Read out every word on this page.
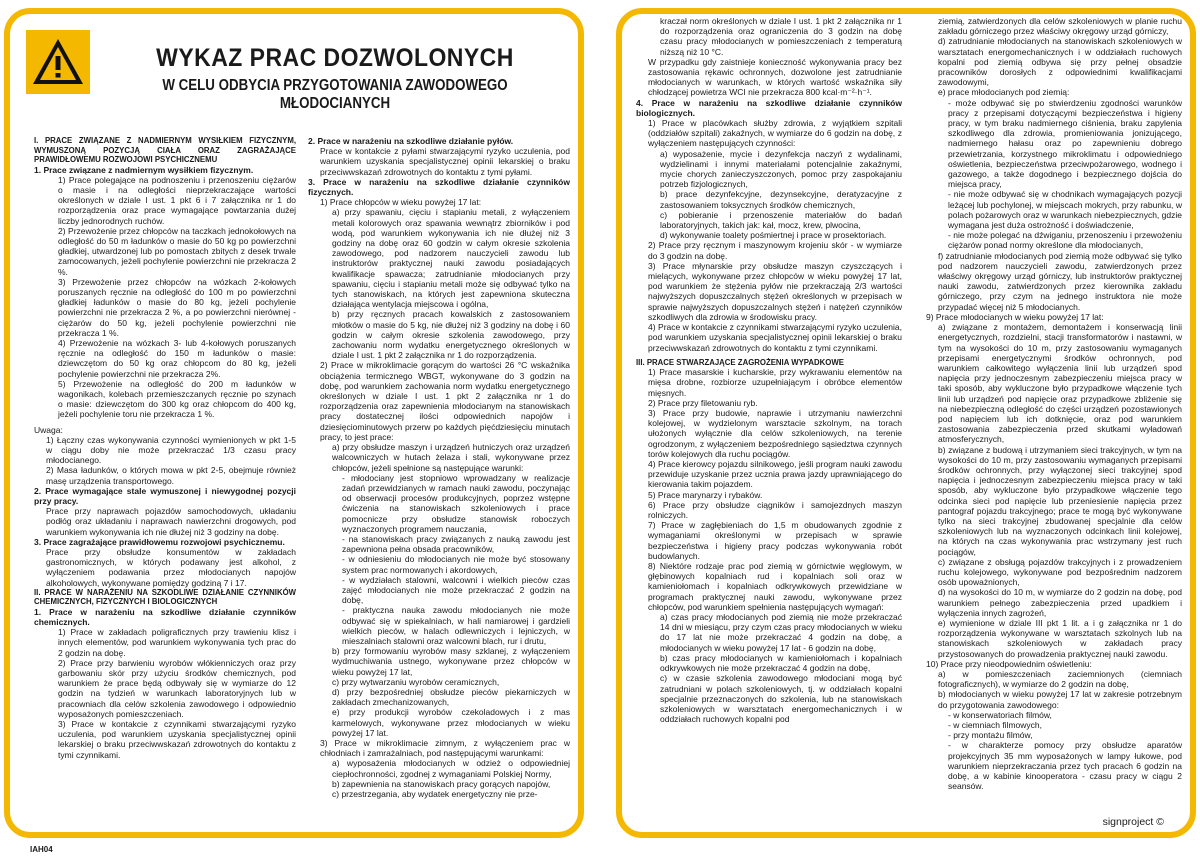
WYKAZ PRAC DOZWOLONYCH
W CELU ODBYCIA PRZYGOTOWANIA ZAWODOWEGO MŁODOCIANYCH

I. PRACE ZWIĄZANE Z NADMIERNYM WYSIŁKIEM FIZYCZNYM, WYMUSZONĄ POZYCJĄ CIAŁA ORAZ ZAGRAŻAJĄCE PRAWIDŁOWEMU ROZWOJOWI PSYCHICZNEMU

1. Prace związane z nadmiernym wysiłkiem fizycznym.

1) Prace polegające na podnoszeniu i przenoszeniu ciężarów o masie i na odległości nieprzekraczające wartości określonych w dziale I ust. 1 pkt 6 i 7 załącznika nr 1 do rozporządzenia oraz prace wymagające powtarzania dużej liczby jednorodnych ruchów.

2) Przewożenie przez chłopców na taczkach jednokołowych na odległość do 50 m ładunków o masie do 50 kg po powierzchni gładkiej, utwardzonej lub po pomostach zbitych z desek trwale zamocowanych, jeżeli pochylenie powierzchni nie przekracza 2 %.

3) Przewożenie przez chłopców na wózkach 2-kołowych poruszanych ręcznie na odległość do 100 m po powierzchni gładkiej ładunków o masie do 80 kg, jeżeli pochylenie powierzchni nie przekracza 2 %, a po powierzchni nierównej - ciężarów do 50 kg, jeżeli pochylenie powierzchni nie przekracza 1 %.

4) Przewożenie na wózkach 3- lub 4-kołowych poruszanych ręcznie na odległość do 150 m ładunków o masie: dziewczętom do 50 kg oraz chłopcom do 80 kg, jeżeli pochylenie powierzchni nie przekracza 2%.

5) Przewożenie na odległość do 200 m ładunków w wagonikach, kolebach przemieszczanych ręcznie po szynach o masie: dziewczętom do 300 kg oraz chłopcom do 400 kg, jeżeli pochylenie toru nie przekracza 1 %.

Uwaga:

1) Łączny czas wykonywania czynności wymienionych w pkt 1-5 w ciągu doby nie może przekraczać 1/3 czasu pracy młodocianego.

2) Masa ładunków, o których mowa w pkt 2-5, obejmuje również masę urządzenia transportowego.

2. Prace wymagające stale wymuszonej i niewygodnej pozycji przy pracy.

Prace przy naprawach pojazdów samochodowych, układaniu podłóg oraz układaniu i naprawach nawierzchni drogowych, pod warunkiem wykonywania ich nie dłużej niż 3 godziny na dobę.

3. Prace zagrażające prawidłowemu rozwojowi psychicznemu.

Prace przy obsłudze konsumentów w zakładach gastronomicznych, w których podawany jest alkohol, z wyłączeniem podawania przez młodocianych napojów alkoholowych, wykonywane pomiędzy godziną 7 i 17.

II. PRACE W NARAŻENIU NA SZKODLIWE DZIAŁANIE CZYNNIKÓW CHEMICZNYCH, FIZYCZNYCH I BIOLOGICZNYCH

1. Prace w narażeniu na szkodliwe działanie czynników chemicznych.

1) Prace w zakładach poligraficznych przy trawieniu klisz i innych elementów, pod warunkiem wykonywania tych prac do 2 godzin na dobę.

2) Prace przy barwieniu wyrobów włókienniczych oraz przy garbowaniu skór przy użyciu środków chemicznych, pod warunkiem że prace będą odbywały się w wymiarze do 12 godzin na tydzień w warunkach laboratoryjnych lub w pracowniach dla celów szkolenia zawodowego i odpowiednio wyposażonych pomieszczeniach.

3) Prace w kontakcie z czynnikami stwarzającymi ryzyko uczulenia, pod warunkiem uzyskania specjalistycznej opinii lekarskiej o braku przeciwwskazań zdrowotnych do kontaktu z tymi czynnikami.

2. Prace w narażeniu na szkodliwe działanie pyłów.

Prace w kontakcie z pyłami stwarzającymi ryzyko uczulenia, pod warunkiem uzyskania specjalistycznej opinii lekarskiej o braku przeciwwskazań zdrowotnych do kontaktu z tymi pyłami.

3. Prace w narażeniu na szkodliwe działanie czynników fizycznych.

1) Prace chłopców w wieku powyżej 17 lat:

a) przy spawaniu, cięciu i stapianiu metali, z wyłączeniem metali kolorowych oraz spawania wewnątrz zbiorników i pod wodą, pod warunkiem wykonywania ich nie dłużej niż 3 godziny na dobę oraz 60 godzin w całym okresie szkolenia zawodowego, pod nadzorem nauczycieli zawodu lub instruktorów praktycznej nauki zawodu posiadających kwalifikacje spawacza; zatrudnianie młodocianych przy spawaniu, cięciu i stapianiu metali może się odbywać tylko na tych stanowiskach, na których jest zapewniona skuteczna działająca wentylacja miejscowa i ogólna,

b) przy ręcznych pracach kowalskich z zastosowaniem młotków o masie do 5 kg, nie dłużej niż 3 godziny na dobę i 60 godzin w całym okresie szkolenia zawodowego, przy zachowaniu norm wydatku energetycznego określonych w dziale I ust. 1 pkt 2 załącznika nr 1 do rozporządzenia.

2) Prace w mikroklimacie gorącym do wartości 26 °C wskaźnika obciążenia termicznego WBGT, wykonywane do 3 godzin na dobę, pod warunkiem zachowania norm wydatku energetycznego określonych w dziale I ust. 1 pkt 2 załącznika nr 1 do rozporządzenia oraz zapewnienia młodocianym na stanowiskach pracy dostatecznej ilości odpowiednich napojów i dziesięciominutowych przerw po każdych pięćdziesięciu minutach pracy, to jest prace:

a) przy obsłudze maszyn i urządzeń hutniczych oraz urządzeń walcowniczych w hutach żelaza i stali, wykonywane przez chłopców, jeżeli spełnione są następujące warunki:

- młodociany jest stopniowo wprowadzany w realizacje zadań przewidzianych w ramach nauki zawodu, poczynając od obserwacji procesów produkcyjnych, poprzez wstępne ćwiczenia na stanowiskach szkoleniowych i prace pomocnicze przy obsłudze stanowisk roboczych wyznaczonych programem nauczania,

- na stanowiskach pracy związanych z nauką zawodu jest zapewniona pełna obsada pracowników,

- w odniesieniu do młodocianych nie może być stosowany system prac normowanych i akordowych,

- w wydziałach stalowni, walcowni i wielkich pieców czas zajęć młodocianych nie może przekraczać 2 godzin na dobę,

- praktyczna nauka zawodu młodocianych nie może odbywać się w spiekalniach, w hali namiarowej i gardzieli wielkich pieców, w halach odlewniczych i lejniczych, w mieszalniach stalowni oraz walcowni blach, rur i drutu,

b) przy formowaniu wyrobów masy szklanej, z wyłączeniem wydmuchiwania ustnego, wykonywane przez chłopców w wieku powyżej 17 lat,

c) przy wytwarzaniu wyrobów ceramicznych,

d) przy bezpośredniej obsłudze pieców piekarniczych w zakładach zmechanizowanych,

e) przy produkcji wyrobów czekoladowych i z mas karmelowych, wykonywane przez młodocianych w wieku powyżej 17 lat.

3) Prace w mikroklimacie zimnym, z wyłączeniem prac w chłodniach i zamrażalniach, pod następującymi warunkami:

a) wyposażenia młodocianych w odzież o odpowiedniej ciepłochronności, zgodnej z wymaganiami Polskiej Normy,

b) zapewnienia na stanowiskach pracy gorących napojów,

c) przestrzegania, aby wydatek energetyczny nie prze-

kraczał norm określonych w dziale I ust. 1 pkt 2 załącznika nr 1 do rozporządzenia oraz ograniczenia do 3 godzin na dobę czasu pracy młodocianych w pomieszczeniach z temperaturą niższą niż 10 °C.

W przypadku gdy zaistnieje konieczność wykonywania pracy bez zastosowania rękawic ochronnych, dozwolone jest zatrudnianie młodocianych w warunkach, w których wartość wskaźnika siły chłodzącej powietrza WCI nie przekracza 800 kcal·m⁻²·h⁻¹.

4. Prace w narażeniu na szkodliwe działanie czynników biologicznych.

1) Prace w placówkach służby zdrowia, z wyjątkiem szpitali (oddziałów szpitali) zakaźnych, w wymiarze do 6 godzin na dobę, z wyłączeniem następujących czynności:

a) wyposażenie, mycie i dezynfekcja naczyń z wydalinami, wydzielinami i innymi materiałami potencjalnie zakaźnymi, mycie chorych zanieczyszczonych, pomoc przy zaspokajaniu potrzeb fizjologicznych,

b) prace dezynfekcyjne, dezynsekcyjne, deratyzacyjne z zastosowaniem toksycznych środków chemicznych,

c) pobieranie i przenoszenie materiałów do badań laboratoryjnych, takich jak: kał, mocz, krew, plwocina,

d) wykonywanie toalety pośmiertnej i prace w prosektoriach.

2) Prace przy ręcznym i maszynowym krojeniu skór - w wymiarze do 3 godzin na dobę.

3) Prace młynarskie przy obsłudze maszyn czyszczących i mielących, wykonywane przez chłopców w wieku powyżej 17 lat, pod warunkiem że stężenia pyłów nie przekraczają 2/3 wartości najwyższych dopuszczalnych stężeń określonych w przepisach w sprawie najwyższych dopuszczalnych stężeń i natężeń czynników szkodliwych dla zdrowia w środowisku pracy.

4) Prace w kontakcie z czynnikami stwarzającymi ryzyko uczulenia, pod warunkiem uzyskania specjalistycznej opinii lekarskiej o braku przeciwwskazań zdrowotnych do kontaktu z tymi czynnikami.

III. PRACE STWARZAJĄCE ZAGROŻENIA WYPADKOWE

1) Prace masarskie i kucharskie, przy wykrawaniu elementów na mięsa drobne, rozbiorze uzupełniającym i obróbce elementów mięsnych.

2) Prace przy filetowaniu ryb.

3) Prace przy budowie, naprawie i utrzymaniu nawierzchni kolejowej, w wydzielonym warsztacie szkolnym, na torach ułożonych wyłącznie dla celów szkoleniowych, na terenie ogrodzonym, z wyłączeniem bezpośredniego sąsiedztwa czynnych torów kolejowych dla ruchu pociągów.

4) Prace kierowcy pojazdu silnikowego, jeśli program nauki zawodu przewiduje uzyskanie przez ucznia prawa jazdy uprawniającego do kierowania takim pojazdem.

5) Prace marynarzy i rybaków.

6) Prace przy obsłudze ciągników i samojezdnych maszyn rolniczych.

7) Prace w zagłębieniach do 1,5 m obudowanych zgodnie z wymaganiami określonymi w przepisach w sprawie bezpieczeństwa i higieny pracy podczas wykonywania robót budowlanych.

8) Niektóre rodzaje prac pod ziemią w górnictwie węglowym, w głębinowych kopalniach rud i kopalniach soli oraz w kamieniołomach i kopalniach odkrywkowych przewidziane w programach praktycznej nauki zawodu, wykonywane przez chłopców, pod warunkiem spełnienia następujących wymagań:

a) czas pracy młodocianych pod ziemią nie może przekraczać 14 dni w miesiącu, przy czym czas pracy młodocianych w wieku do 17 lat nie może przekraczać 4 godzin na dobę, a młodocianych w wieku powyżej 17 lat - 6 godzin na dobę,

b) czas pracy młodocianych w kamieniołomach i kopalniach odkrywkowych nie może przekraczać 4 godzin na dobę,

c) w czasie szkolenia zawodowego młodociani mogą być zatrudniani w polach szkoleniowych, tj. w oddziałach kopalni specjalnie przeznaczonych do szkolenia, lub na stanowiskach szkoleniowych w warsztatach energomechanicznych i w oddziałach ruchowych kopalni pod

ziemią, zatwierdzonych dla celów szkoleniowych w planie ruchu zakładu górniczego przez właściwy okręgowy urząd górniczy,

d) zatrudnianie młodocianych na stanowiskach szkoleniowych w warsztatach energomechanicznych i w oddziałach ruchowych kopalni pod ziemią odbywa się przy pełnej obsadzie pracowników dorosłych z odpowiednimi kwalifikacjami zawodowymi,

e) prace młodocianych pod ziemią:

- może odbywać się po stwierdzeniu zgodności warunków pracy z przepisami dotyczącymi bezpieczeństwa i higieny pracy, w tym braku nadmiernego ciśnienia, braku zapylenia szkodliwego dla zdrowia, promieniowania jonizującego, nadmiernego hałasu oraz po zapewnieniu dobrego przewietrzania, korzystnego mikroklimatu i odpowiedniego oświetlenia, bezpieczeństwa przeciwpożarowego, wodnego i gazowego, a także dogodnego i bezpiecznego dojścia do miejsca pracy,

- nie może odbywać się w chodnikach wymagających pozycji leżącej lub pochylonej, w miejscach mokrych, przy rabunku, w polach pożarowych oraz w warunkach niebezpiecznych, gdzie wymagana jest duża ostrożność i doświadczenie,

- nie może polegać na dźwiganiu, przenoszeniu i przewożeniu ciężarów ponad normy określone dla młodocianych,

f) zatrudnianie młodocianych pod ziemią może odbywać się tylko pod nadzorem nauczycieli zawodu, zatwierdzonych przez właściwy okręgowy urząd górniczy, lub instruktorów praktycznej nauki zawodu, zatwierdzonych przez kierownika zakładu górniczego, przy czym na jednego instruktora nie może przypadać więcej niż 5 młodocianych.

9) Prace młodocianych w wieku powyżej 17 lat:

a) związane z montażem, demontażem i konserwacją linii energetycznych, rozdzielni, stacji transformatorów i nastawni, w tym na wysokości do 10 m, przy zastosowaniu wymaganych przepisami energetycznymi środków ochronnych, pod warunkiem całkowitego wyłączenia linii lub urządzeń spod napięcia przy jednoczesnym zabezpieczeniu miejsca pracy w taki sposób, aby wykluczone było przypadkowe włączenie tych linii lub urządzeń pod napięcie oraz przypadkowe zbliżenie się na niebezpieczną odległość do części urządzeń pozostawionych pod napięciem lub ich dotknięcie, oraz pod warunkiem zastosowania zabezpieczenia przed skutkami wyładowań atmosferycznych,

b) związane z budową i utrzymaniem sieci trakcyjnych, w tym na wysokości do 10 m, przy zastosowaniu wymaganych przepisami środków ochronnych, przy wyłączonej sieci trakcyjnej spod napięcia i jednoczesnym zabezpieczeniu miejsca pracy w taki sposób, aby wykluczone było przypadkowe włączenie tego odcinka sieci pod napięcie lub przeniesienie napięcia przez pantograf pojazdu trakcyjnego; prace te mogą być wykonywane tylko na sieci trakcyjnej zbudowanej specjalnie dla celów szkoleniowych lub na wyznaczonych odcinkach linii kolejowej, na których na czas wykonywania prac wstrzymany jest ruch pociągów,

c) związane z obsługą pojazdów trakcyjnych i z prowadzeniem ruchu kolejowego, wykonywane pod bezpośrednim nadzorem osób upoważnionych,

d) na wysokości do 10 m, w wymiarze do 2 godzin na dobę, pod warunkiem pełnego zabezpieczenia przed upadkiem i wyłączenia innych zagrożeń,

e) wymienione w dziale III pkt 1 lit. a i g załącznika nr 1 do rozporządzenia wykonywane w warsztatach szkolnych lub na stanowiskach szkoleniowych w zakładach pracy przystosowanych do prowadzenia praktycznej nauki zawodu.

10) Prace przy nieodpowiednim oświetleniu:

a) w pomieszczeniach zaciemnionych (ciemniach fotograficznych), w wymiarze do 2 godzin na dobę,

b) młodocianych w wieku powyżej 17 lat w zakresie potrzebnym do przygotowania zawodowego:

- w konserwatoriach filmów,

- w ciemniach filmowych,

- przy montażu filmów,

- w charakterze pomocy przy obsłudze aparatów projekcyjnych 35 mm wyposażonych w lampy łukowe, pod warunkiem nieprzekraczania przez tych pracach 6 godzin na dobę, a w kabinie kinooperatora - czasu pracy w ciągu 2 seansów.

signproject ©
IAH04
